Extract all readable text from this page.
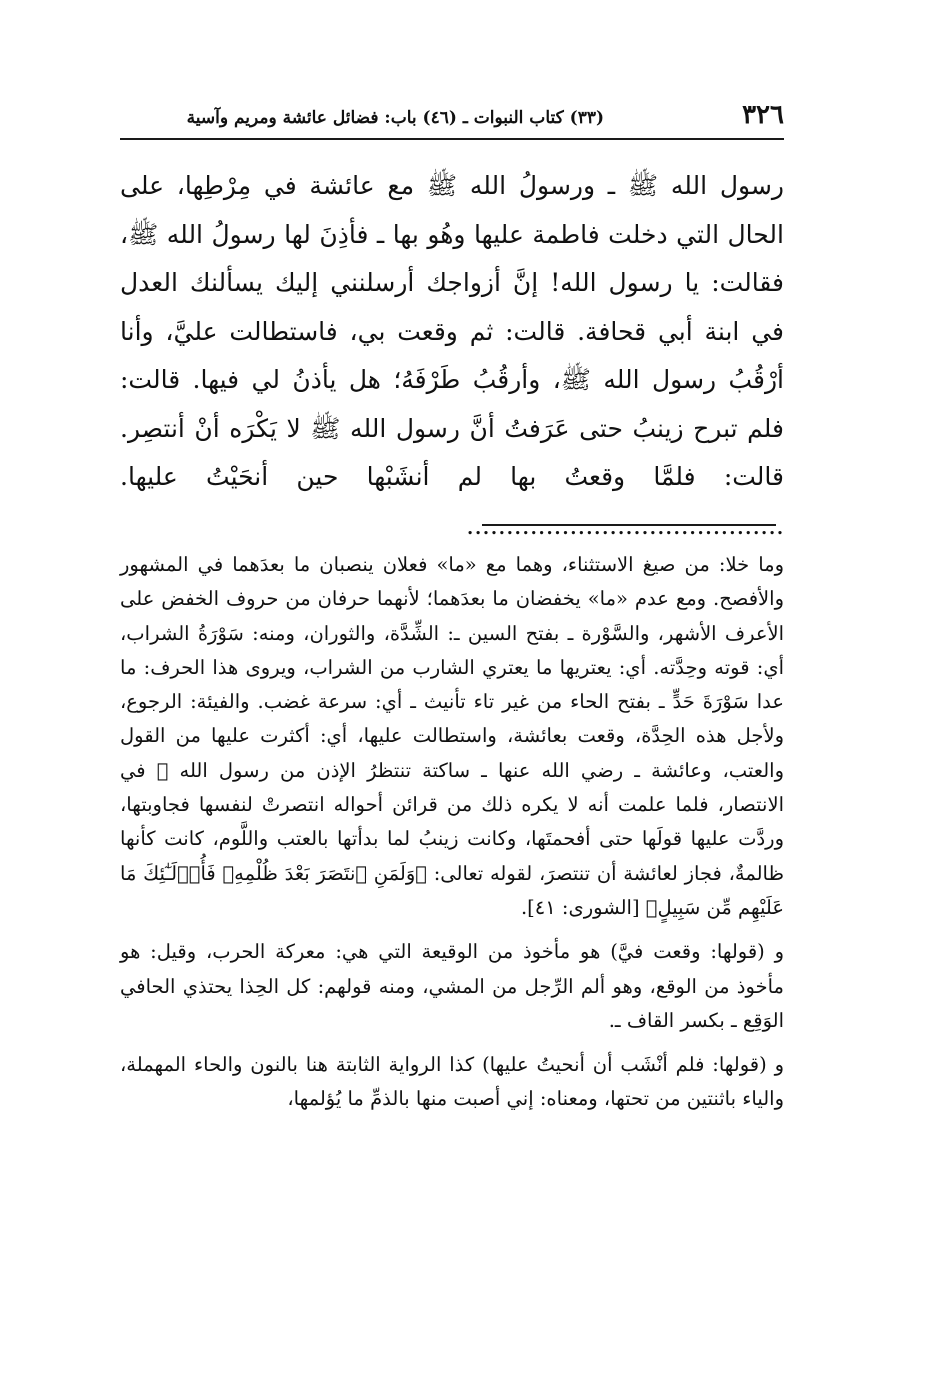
٣٢٦
(٣٣) كتاب النبوات ـ (٤٦) باب: فضائل عائشة ومريم وآسية

رسول الله ﷺ ـ ورسولُ الله ﷺ مع عائشة في مِرْطِها، على الحال التي دخلت فاطمة عليها وهُو بها ـ فأذِنَ لها رسولُ الله ﷺ، فقالت: يا رسول الله! إنَّ أزواجك أرسلنني إليك يسألنك العدل في ابنة أبي قحافة. قالت: ثم وقعت بي، فاستطالت عليَّ، وأنا أرْقُبُ رسول الله ﷺ، وأرقُبُ طَرْفَهُ؛ هل يأذنُ لي فيها. قالت: فلم تبرح زينبُ حتى عَرَفتُ أنَّ رسول الله ﷺ لا يَكْرَه أنْ أنتصِر. قالت: فلمَّا وقعتُ بها لم أنشَبْها حين أنحَيْتُ عليها. ........................................

وما خلا: من صيغ الاستثناء، وهما مع «ما» فعلان ينصبان ما بعدَهما في المشهور والأفصح. ومع عدم «ما» يخفضان ما بعدَهما؛ لأنهما حرفان من حروف الخفض على الأعرف الأشهر، والسَّوْرة ـ بفتح السين ـ: الشِّدَّة، والثوران، ومنه: سَوْرَةُ الشراب، أي: قوته وحِدَّته. أي: يعتريها ما يعتري الشارب من الشراب، ويروى هذا الحرف: ما عدا سَوْرَةَ حَدٍّ ـ بفتح الحاء من غير تاء تأنيث ـ أي: سرعة غضب. والفيئة: الرجوع، ولأجل هذه الحِدَّة، وقعت بعائشة، واستطالت عليها، أي: أكثرت عليها من القول والعتب، وعائشة ـ رضي الله عنها ـ ساكتة تنتظرُ الإذن من رسول الله ﷺ في الانتصار، فلما علمت أنه لا يكره ذلك من قرائن أحواله انتصرتْ لنفسها فجاوبتها، وردَّت عليها قولَها حتى أفحمتَها، وكانت زينبُ لما بدأتها بالعتب واللَّوم، كانت كأنها ظالمةٌ، فجاز لعائشة أن تنتصرَ، لقوله تعالى: ﴿وَلَمَنِ ٱنتَصَرَ بَعْدَ ظُلْمِهِۦ فَأُو۟لَـٰٓئِكَ مَا عَلَيْهِم مِّن سَبِيلٍ﴾ [الشورى: ٤١].

و (قولها: وقعت فيَّ) هو مأخوذ من الوقيعة التي هي: معركة الحرب، وقيل: هو مأخوذ من الوقع، وهو ألم الرِّجل من المشي، ومنه قولهم: كل الحِذا يحتذي الحافي الوَقِع ـ بكسر القاف ـ.

و (قولها: فلم أنْشَب أن أنحيتُ عليها) كذا الرواية الثابتة هنا بالنون والحاء المهملة، والياء باثنتين من تحتها، ومعناه: إني أصبت منها بالذمِّ ما يُؤلمها،
